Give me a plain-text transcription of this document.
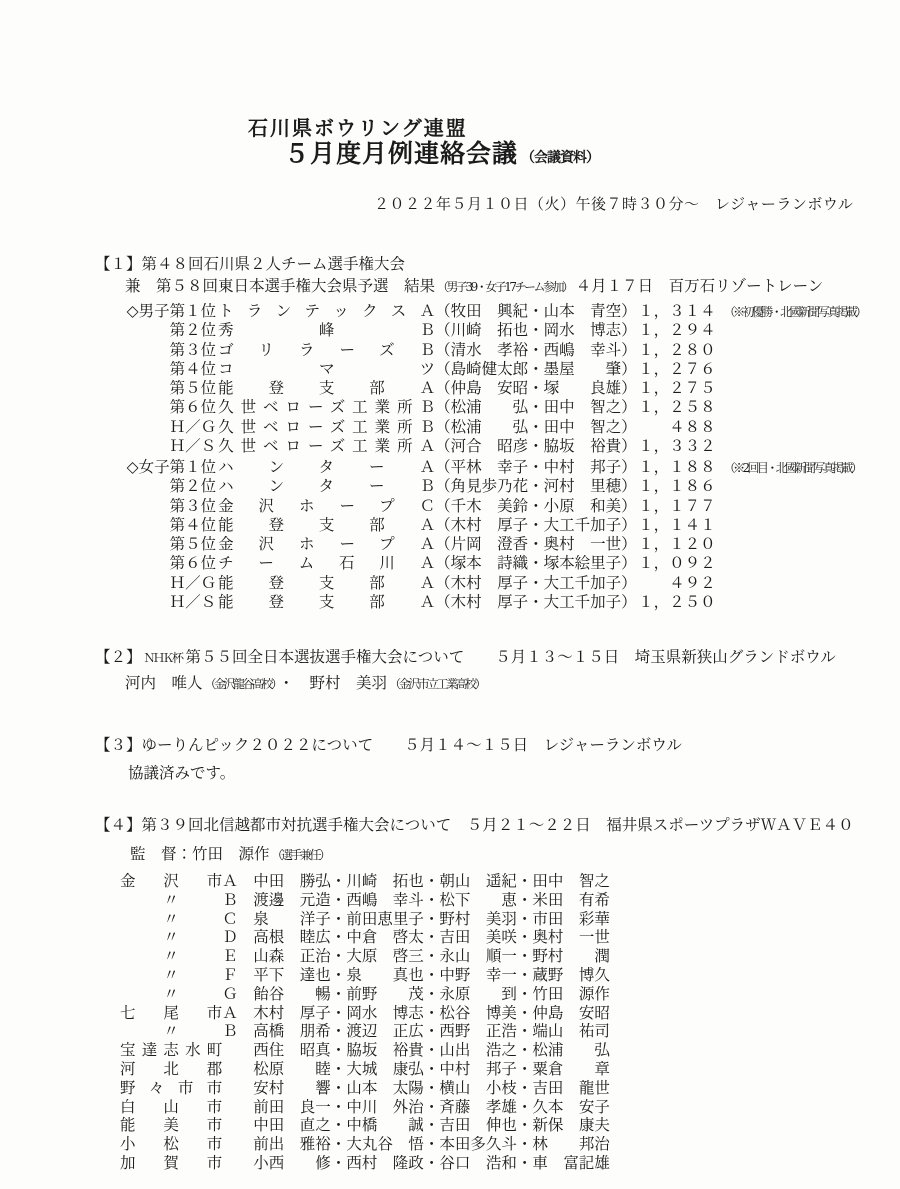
石川県ボウリング連盟
５月度月例連絡会議 （会議資料）
２０２２年５月１０日（火）午後７時３０分～　レジャーランボウル
【１】第４８回石川県２人チーム選手権大会
兼　第５８回東日本選手権大会県予選　結果 （男子39・女子17チーム参加） ４月１７日　百万石リゾートレーン
◇男子第１位 トランテックスＡ （ 牧田 興紀 ・ 山本 青空 ） １，３１４ （※初優勝・北國新聞写真掲載）
第２位 秀峰Ｂ （ 川崎 拓也 ・ 岡水 博志 ） １，２９４
第３位 ゴリラーズＢ （ 清水 孝裕 ・ 西嶋 幸斗 ） １，２８０
第４位 コマツ （ 島崎健太郎 ・ 墨屋 肇 ） １，２７６
第５位 能登支部Ａ （ 仲島 安昭 ・ 塚 良雄 ） １，２７５
第６位 久世ベローズ工業所Ｂ （ 松浦 弘 ・ 田中 智之 ） １，２５８
Ｈ／Ｇ 久世ベローズ工業所Ｂ （ 松浦 弘 ・ 田中 智之 ）	４８８
Ｈ／Ｓ 久世ベローズ工業所Ａ （ 河合 昭彦 ・ 脇坂 裕貴 ） １，３３２
◇女子第１位 ハンターＡ （ 平林 幸子 ・ 中村 邦子 ） １，１８８ （※2回目・北國新聞写真掲載）
第２位 ハンターＢ （ 角見歩乃花 ・ 河村 里穂 ） １，１８６
第３位 金沢ホープＣ （ 千木 美鈴 ・ 小原 和美 ） １，１７７
第４位 能登支部Ａ （ 木村 厚子 ・ 大工千加子 ） １，１４１
第５位 金沢ホープＡ （ 片岡 澄香 ・ 奥村 一世 ） １，１２０
第６位 チーム石川Ａ （ 塚本 詩織 ・ 塚本絵里子 ） １，０９２
Ｈ／Ｇ 能登支部Ａ （ 木村 厚子 ・ 大工千加子 ）	４９２
Ｈ／Ｓ 能登支部Ａ （ 木村 厚子 ・ 大工千加子 ） １，２５０
【２】 ＮＨＫ杯 第５５回全日本選抜選手権大会について　　５月１３～１５日　埼玉県新狭山グランドボウル
河内　唯人 （金沢龍谷高校） ・　野村　美羽 （金沢市立工業高校）
【３】ゆーりんピック２０２２について　　５月１４～１５日　レジャーランボウル
協議済みです。
【４】第３９回北信越都市対抗選手権大会について　５月２１～２２日　福井県スポーツプラザＷＡＶＥ４０
監　督：竹田　源作 （選手兼任）
金沢市 Ａ 中田 勝弘 ・ 川崎 拓也 ・ 朝山 遥紀 ・ 田中 智之
〃	Ｂ 渡邊 元造 ・ 西嶋 幸斗 ・ 松下 恵 ・ 米田 有希
〃	Ｃ 泉 洋子 ・ 前田恵里子 ・ 野村 美羽 ・ 市田 彩華
〃	Ｄ 高根 睦広 ・ 中倉 啓太 ・ 吉田 美咲 ・ 奥村 一世
〃	Ｅ 山森 正治 ・ 大原 啓三 ・ 永山 順一 ・ 野村 潤
〃	Ｆ 平下 達也 ・ 泉 真也 ・ 中野 幸一 ・ 蔵野 博久
〃	Ｇ 飴谷 暢 ・ 前野 茂 ・ 永原 到 ・ 竹田 源作
七尾市 Ａ 木村 厚子 ・ 岡水 博志 ・ 松谷 博美 ・ 仲島 安昭
〃	Ｂ 高橋 朋希 ・ 渡辺 正広 ・ 西野 正浩 ・ 端山 祐司
宝達志水町 西住 昭真 ・ 脇坂 裕貴 ・ 山出 浩之 ・ 松浦 弘
河北郡 松原 睦 ・ 大城 康弘 ・ 中村 邦子 ・ 粟倉 章
野々市市 安村 響 ・ 山本 太陽 ・ 横山 小枝 ・ 吉田 龍世
白山市 前田 良一 ・ 中川 外治 ・ 斉藤 孝雄 ・ 久本 安子
能美市 中田 直之 ・ 中橋 誠 ・ 吉田 伸也 ・ 新保 康夫
小松市 前出 雅裕 ・ 大丸谷 悟 ・ 本田多久斗 ・ 林 邦治
加賀市 小西 修 ・ 西村 隆政 ・ 谷口 浩和 ・ 車 富記雄
